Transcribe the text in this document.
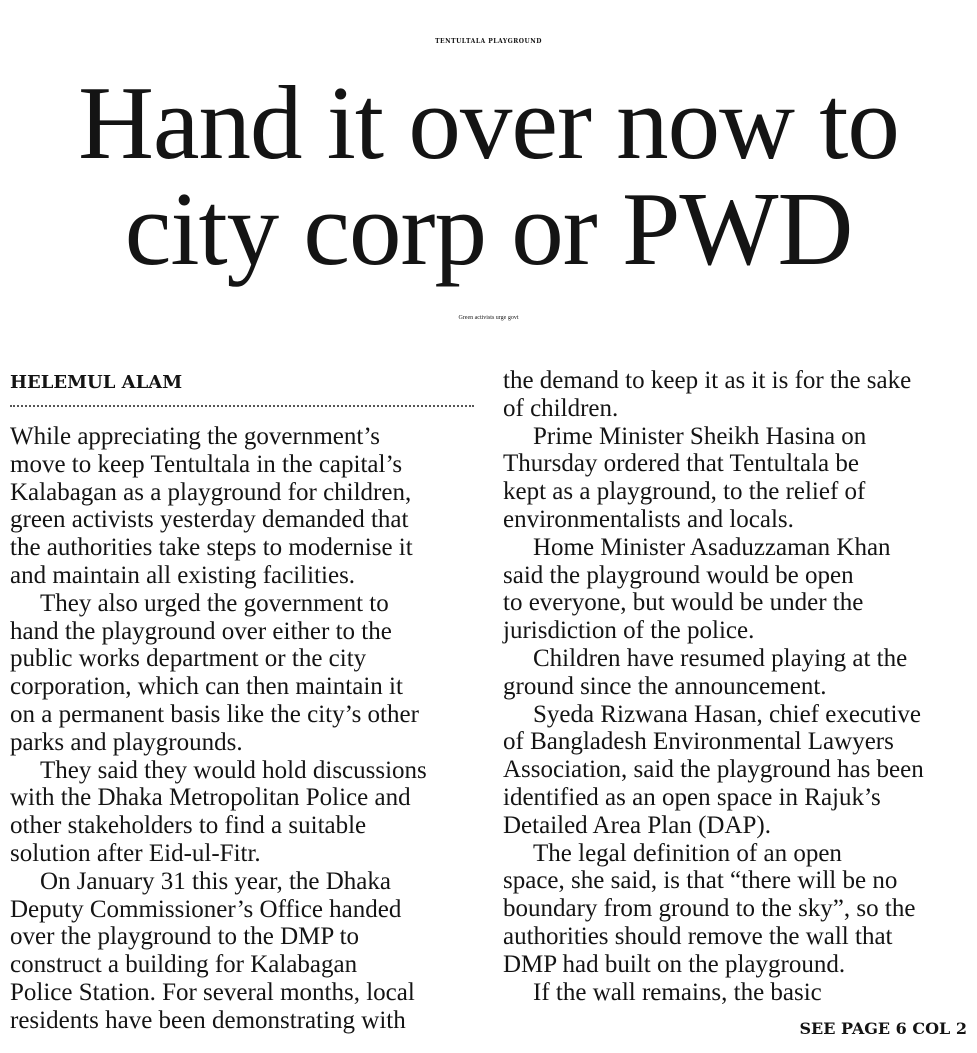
TENTULTALA PLAYGROUND
Hand it over now to
city corp or PWD
Green activists urge govt
HELEMUL ALAM

While appreciating the government’s

move to keep Tentultala in the capital’s

Kalabagan as a playground for children,

green activists yesterday demanded that

the authorities take steps to modernise it

and maintain all existing facilities.

They also urged the government to

hand the playground over either to the

public works department or the city

corporation, which can then maintain it

on a permanent basis like the city’s other

parks and playgrounds.

They said they would hold discussions

with the Dhaka Metropolitan Police and

other stakeholders to find a suitable

solution after Eid-ul-Fitr.

On January 31 this year, the Dhaka

Deputy Commissioner’s Office handed

over the playground to the DMP to

construct a building for Kalabagan

Police Station. For several months, local

residents have been demonstrating with

the demand to keep it as it is for the sake

of children.

Prime Minister Sheikh Hasina on

Thursday ordered that Tentultala be

kept as a playground, to the relief of

environmentalists and locals.

Home Minister Asaduzzaman Khan

said the playground would be open

to everyone, but would be under the

jurisdiction of the police.

Children have resumed playing at the

ground since the announcement.

Syeda Rizwana Hasan, chief executive

of Bangladesh Environmental Lawyers

Association, said the playground has been

identified as an open space in Rajuk’s

Detailed Area Plan (DAP).

The legal definition of an open

space, she said, is that “there will be no

boundary from ground to the sky”, so the

authorities should remove the wall that

DMP had built on the playground.

If the wall remains, the basic

SEE PAGE 6 COL 2
